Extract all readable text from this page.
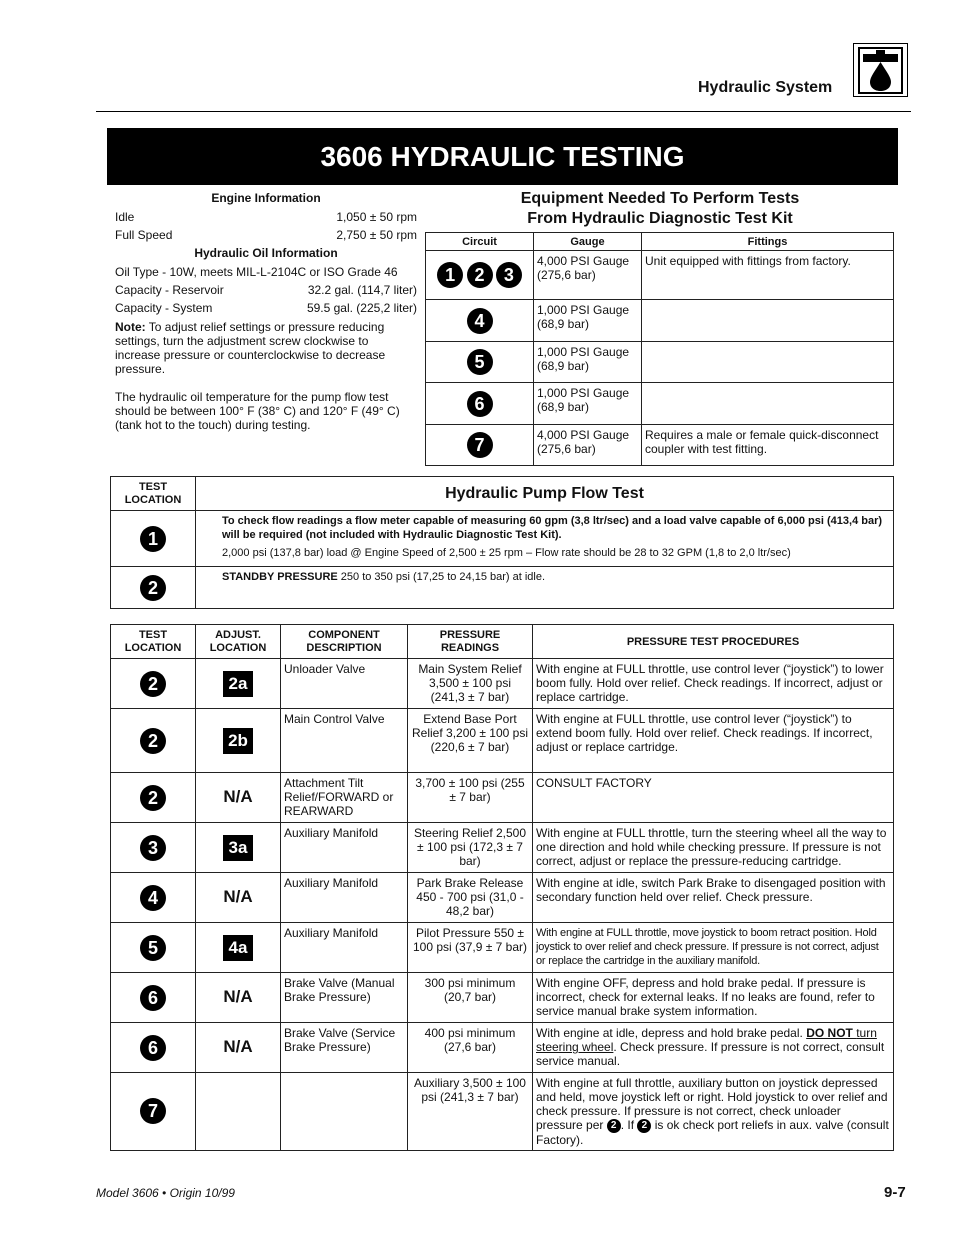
Hydraulic System
3606 HYDRAULIC TESTING
Engine Information
Idle	1,050 ± 50 rpm
Full Speed	2,750 ± 50 rpm
Hydraulic Oil Information
Oil Type - 10W, meets MIL-L-2104C or ISO Grade 46
Capacity - Reservoir	32.2 gal. (114,7 liter)
Capacity - System	59.5 gal. (225,2 liter)

Note: To adjust relief settings or pressure reducing settings, turn the adjustment screw clockwise to increase pressure or counterclockwise to decrease pressure.

The hydraulic oil temperature for the pump flow test should be between 100° F (38° C) and 120° F (49° C) (tank hot to the touch) during testing.

Equipment Needed To Perform Tests
From Hydraulic Diagnostic Test Kit
Circuit	Gauge	Fittings
1 2 3	4,000 PSI Gauge (275,6 bar)	Unit equipped with fittings from factory.
4	1,000 PSI Gauge (68,9 bar)	
5	1,000 PSI Gauge (68,9 bar)	
6	1,000 PSI Gauge (68,9 bar)	
7	4,000 PSI Gauge (275,6 bar)	Requires a male or female quick-disconnect coupler with test fitting.
TEST LOCATION	Hydraulic Pump Flow Test
1	To check flow readings a flow meter capable of measuring 60 gpm (3,8 ltr/sec) and a load valve capable of 6,000 psi (413,4 bar) will be required (not included with Hydraulic Diagnostic Test Kit).
2,000 psi (137,8 bar) load @ Engine Speed of 2,500 ± 25 rpm – Flow rate should be 28 to 32 GPM (1,8 to 2,0 ltr/sec)

2	STANDBY PRESSURE 250 to 350 psi (17,25 to 24,15 bar) at idle.
TEST LOCATION	ADJUST. LOCATION	COMPONENT DESCRIPTION	PRESSURE READINGS	PRESSURE TEST PROCEDURES
2	2a	Unloader Valve	Main System Relief 3,500 ± 100 psi (241,3 ± 7 bar)	With engine at FULL throttle, use control lever (“joystick”) to lower boom fully. Hold over relief. Check readings. If incorrect, adjust or replace cartridge.
2	2b	Main Control Valve	Extend Base Port Relief 3,200 ± 100 psi (220,6 ± 7 bar)	With engine at FULL throttle, use control lever (“joystick”) to extend boom fully. Hold over relief. Check readings. If incorrect, adjust or replace cartridge.
2	N/A	Attachment Tilt Relief/FORWARD or REARWARD	3,700 ± 100 psi (255 ± 7 bar)	CONSULT FACTORY
3	3a	Auxiliary Manifold	Steering Relief 2,500 ± 100 psi (172,3 ± 7 bar)	With engine at FULL throttle, turn the steering wheel all the way to one direction and hold while checking pressure. If pressure is not correct, adjust or replace the pressure-reducing cartridge.
4	N/A	Auxiliary Manifold	Park Brake Release 450 - 700 psi (31,0 - 48,2 bar)	With engine at idle, switch Park Brake to disengaged position with secondary function held over relief. Check pressure.
5	4a	Auxiliary Manifold	Pilot Pressure 550 ± 100 psi (37,9 ± 7 bar)	With engine at FULL throttle, move joystick to boom retract position. Hold joystick to over relief and check pressure. If pressure is not correct, adjust or replace the cartridge in the auxiliary manifold.
6	N/A	Brake Valve (Manual Brake Pressure)	300 psi minimum (20,7 bar)	With engine OFF, depress and hold brake pedal. If pressure is incorrect, check for external leaks. If no leaks are found, refer to service manual brake system information.
6	N/A	Brake Valve (Service Brake Pressure)	400 psi minimum (27,6 bar)	With engine at idle, depress and hold brake pedal. DO NOT turn steering wheel. Check pressure. If pressure is not correct, consult service manual.
7			Auxiliary 3,500 ± 100 psi (241,3 ± 7 bar)	With engine at full throttle, auxiliary button on joystick depressed and held, move joystick left or right. Hold joystick to over relief and check pressure. If pressure is not correct, check unloader pressure per 2 . If 2 is ok check port reliefs in aux. valve (consult Factory).
Model 3606 • Origin 10/99	9-7
